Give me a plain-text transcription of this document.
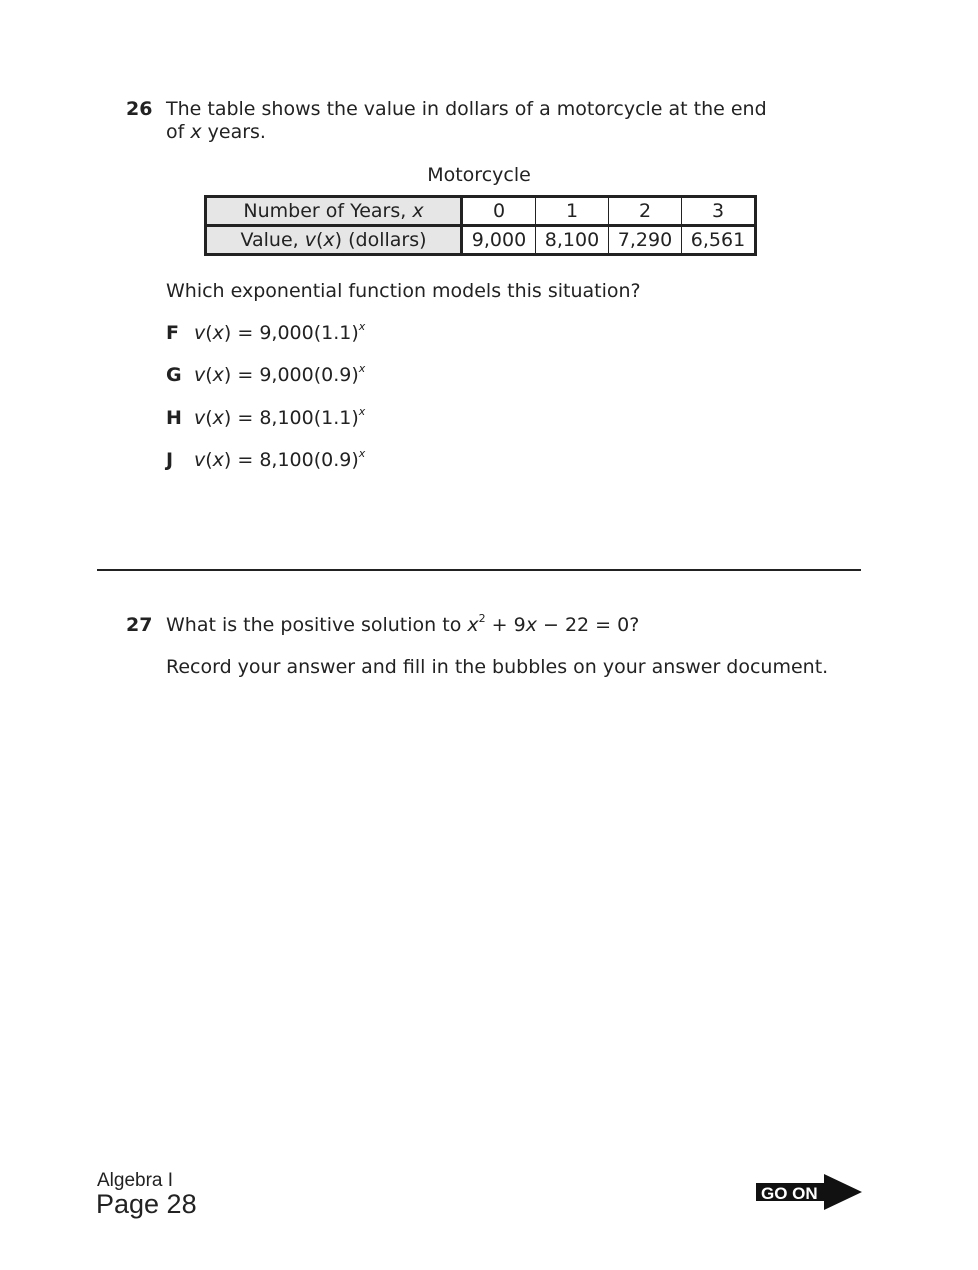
26 The table shows the value in dollars of a motorcycle at the end
of x years.
Motorcycle
Number of Years, x	0	1	2	3
Value, v(x) (dollars)	9,000	8,100	7,290	6,561
Which exponential function models this situation?
F $v(x) = 9,000(1.1)^x$
G $v(x) = 9,000(0.9)^x$
H $v(x) = 8,100(1.1)^x$
J $v(x) = 8,100(0.9)^x$
27 What is the positive solution to $x^2 + 9x - 22 = 0$?
Record your answer and fill in the bubbles on your answer document.
Algebra I
Page 28	GO ON
